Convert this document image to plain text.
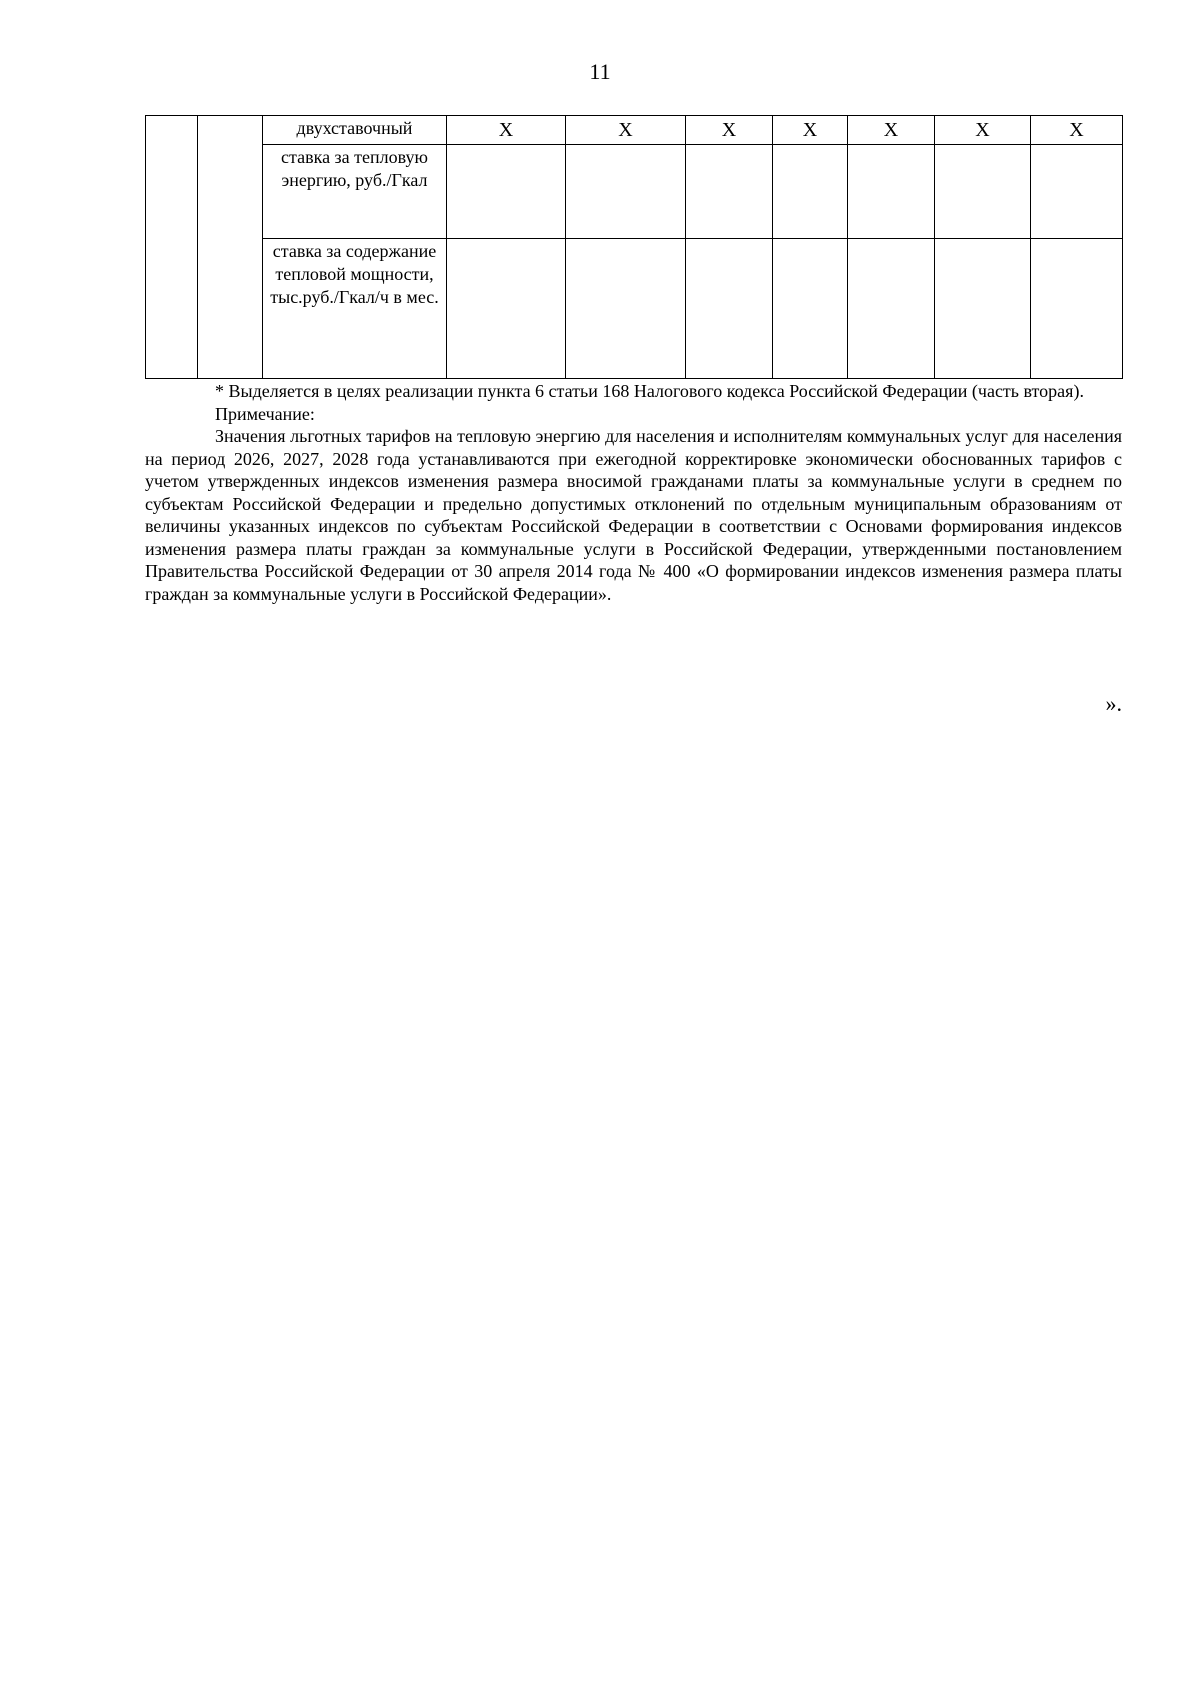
11
		двухставочный	Х	Х	Х	Х	Х	Х	Х
		ставка за тепловую энергию, руб./Гкал							
		ставка за содержание тепловой мощности, тыс.руб./Гкал/ч в мес.							

* Выделяется в целях реализации пункта 6 статьи 168 Налогового кодекса Российской Федерации (часть вторая).

Примечание:

Значения льготных тарифов на тепловую энергию для населения и исполнителям коммунальных услуг для населения на период 2026, 2027, 2028 года устанавливаются при ежегодной корректировке экономически обоснованных тарифов с учетом утвержденных индексов изменения размера вносимой гражданами платы за коммунальные услуги в среднем по субъектам Российской Федерации и предельно допустимых отклонений по отдельным муниципальным образованиям от величины указанных индексов по субъектам Российской Федерации в соответствии с Основами формирования индексов изменения размера платы граждан за коммунальные услуги в Российской Федерации, утвержденными постановлением Правительства Российской Федерации от 30 апреля 2014 года № 400 «О формировании индексов изменения размера платы граждан за коммунальные услуги в Российской Федерации».

».
